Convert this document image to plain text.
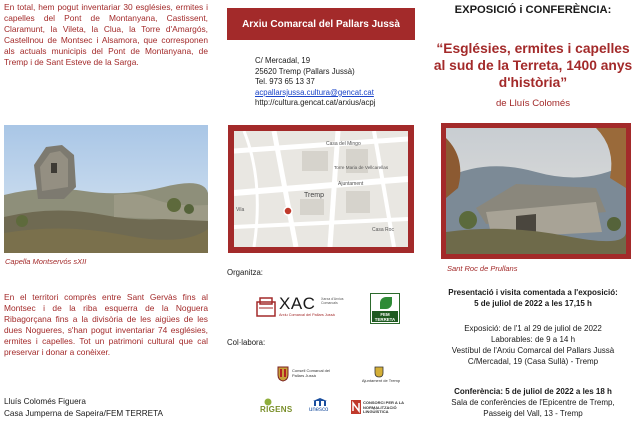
En total, hem pogut inventariar 30 esglésies, ermites i capelles del Pont de Montanyana, Castissent, Claramunt, la Vileta, la Clua, la Torre d'Amargós, Castellnou de Montsec i Alsamora, que corresponen als actuals municipis del Pont de Montanyana, de Tremp i de Sant Esteve de la Sarga.

Capella Montservós sXII

En el territori comprès entre Sant Gervàs fins al Montsec i de la riba esquerra de la Noguera Ribagorçana fins a la divisòria de les aigües de les dues Nogueres, s'han pogut inventariar 74 esglésies, ermites i capelles. Tot un patrimoni cultural que cal preservar i donar a conèixer.

Lluís Colomés Figuera
Casa Jumperna de Sapeira/FEM TERRETA
Arxiu Comarcal del Pallars Jussà
C/ Mercadal, 19
25620 Tremp (Pallars Jussà)
Tel. 973 65 13 37
acpallarsjussa.cultura@gencat.cat
http://cultura.gencat.cat/arxius/acpj
Casa del Mingo
Torre Maria de Vellcarellas
Ajuntament
Tremp
Casa Roc
Vila
Organitza:
XAC Xarxa d'Arxius Comarcals
Arxiu Comarcal del Pallars Jussà	FEM TERRETA
Col·labora:
Consell Comarcal del Pallars Jussà
Ajuntament de Tremp
RIGENS	unesco
CONSORCI PER A LA NORMALITZACIÓ LINGÜÍSTICA
EXPOSICIÓ i CONFERÈNCIA:
“Esglésies, ermites i capelles al sud de la Terreta, 1400 anys d'història”
de Lluís Colomés
Sant Roc de Prullans
Presentació i visita comentada a l'exposició:
5 de juliol de 2022 a les 17,15 h
Exposició: de l'1 al 29 de juliol de 2022
Laborables: de 9 a 14 h
Vestíbul de l'Arxiu Comarcal del Pallars Jussà
C/Mercadal, 19 (Casa Sullà) - Tremp
Conferència: 5 de juliol de 2022 a les 18 h
Sala de conferències de l'Epicentre de Tremp,
Passeig del Vall, 13 - Tremp
